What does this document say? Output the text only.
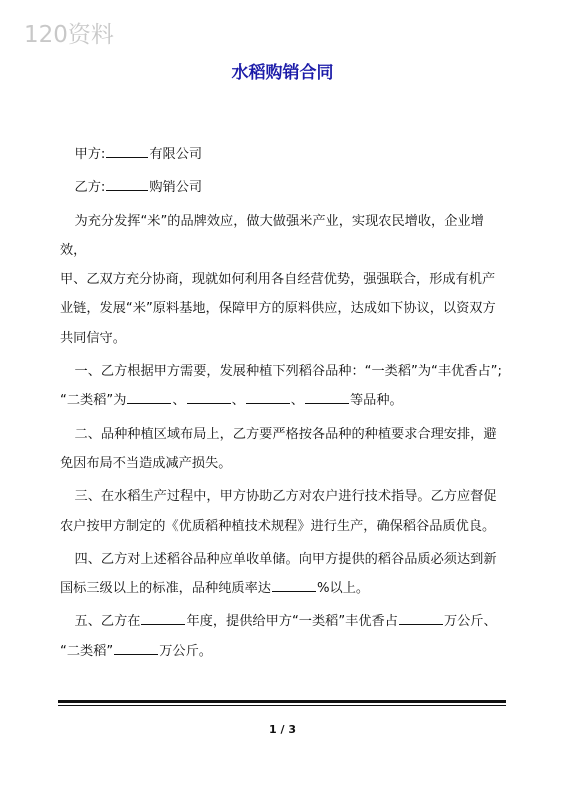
120资料
水稻购销合同

甲方:	有限公司

乙方:	购销公司

为充分发挥“米”的品牌效应，做大做强米产业，实现农民增收，企业增效，

甲、乙双方充分协商，现就如何利用各自经营优势，强强联合，形成有机产

业链，发展“米”原料基地，保障甲方的原料供应，达成如下协议，以资双方

共同信守。

一、乙方根据甲方需要，发展种植下列稻谷品种：“一类稻”为“丰优香占”;

“二类稻”为	、	、	、	等品种。

二、品种种植区域布局上，乙方要严格按各品种的种植要求合理安排，避

免因布局不当造成减产损失。

三、在水稻生产过程中，甲方协助乙方对农户进行技术指导。乙方应督促

农户按甲方制定的《优质稻种植技术规程》进行生产，确保稻谷品质优良。

四、乙方对上述稻谷品种应单收单储。向甲方提供的稻谷品质必须达到新

国标三级以上的标准，品种纯质率达	%以上。

五、乙方在	年度，提供给甲方“一类稻”丰优香占	万公斤、

“二类稻”	万公斤。

1 / 3
